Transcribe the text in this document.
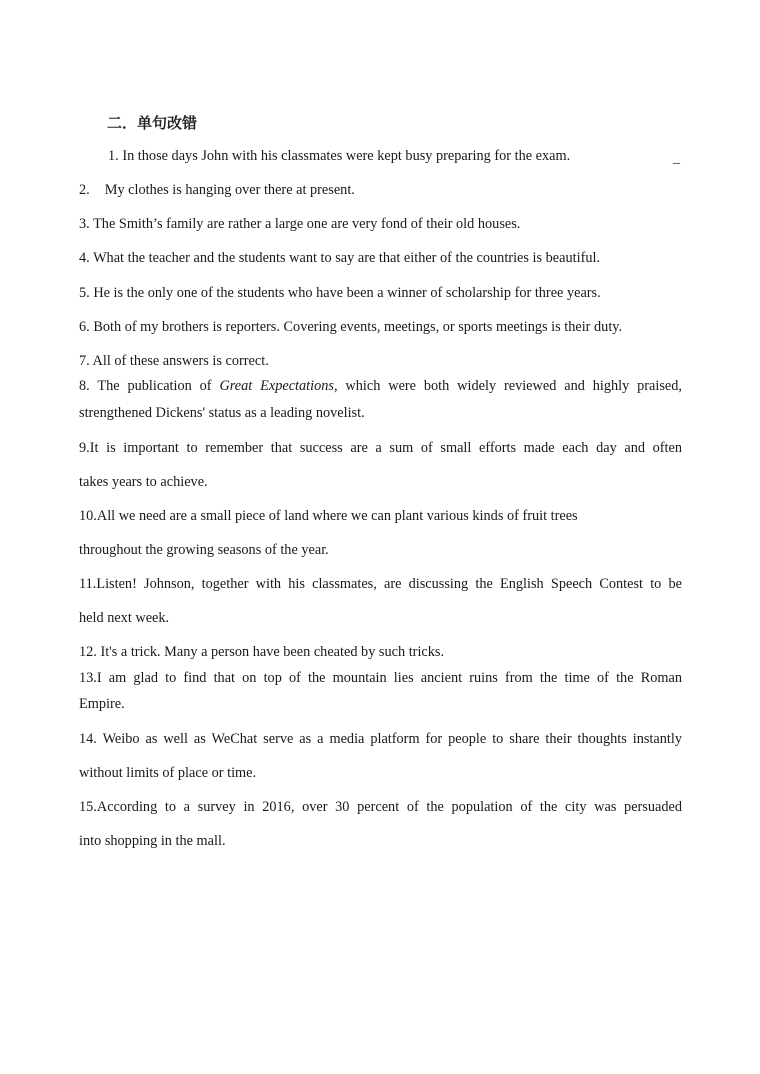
二．单句改错
1. In those days John with his classmates were kept busy preparing for the exam.	_
2. My clothes is hanging over there at present.
3. The Smith’s family are rather a large one are very fond of their old houses.
4. What the teacher and the students want to say are that either of the countries is beautiful.
5. He is the only one of the students who have been a winner of scholarship for three years.
6. Both of my brothers is reporters. Covering events, meetings, or sports meetings is their duty.
7. All of these answers is correct.
8. The publication of Great Expectations, which were both widely reviewed and highly praised,
strengthened Dickens' status as a leading novelist.
9.It is important to remember that success are a sum of small efforts made each day and often
takes years to achieve.
10.All we need are a small piece of land where we can plant various kinds of fruit trees
throughout the growing seasons of the year.
11.Listen! Johnson, together with his classmates, are discussing the English Speech Contest to be
held next week.
12. It's a trick. Many a person have been cheated by such tricks.
13.I am glad to find that on top of the mountain lies ancient ruins from the time of the Roman
Empire.
14. Weibo as well as WeChat serve as a media platform for people to share their thoughts instantly
without limits of place or time.
15.According to a survey in 2016, over 30 percent of the population of the city was persuaded
into shopping in the mall.
